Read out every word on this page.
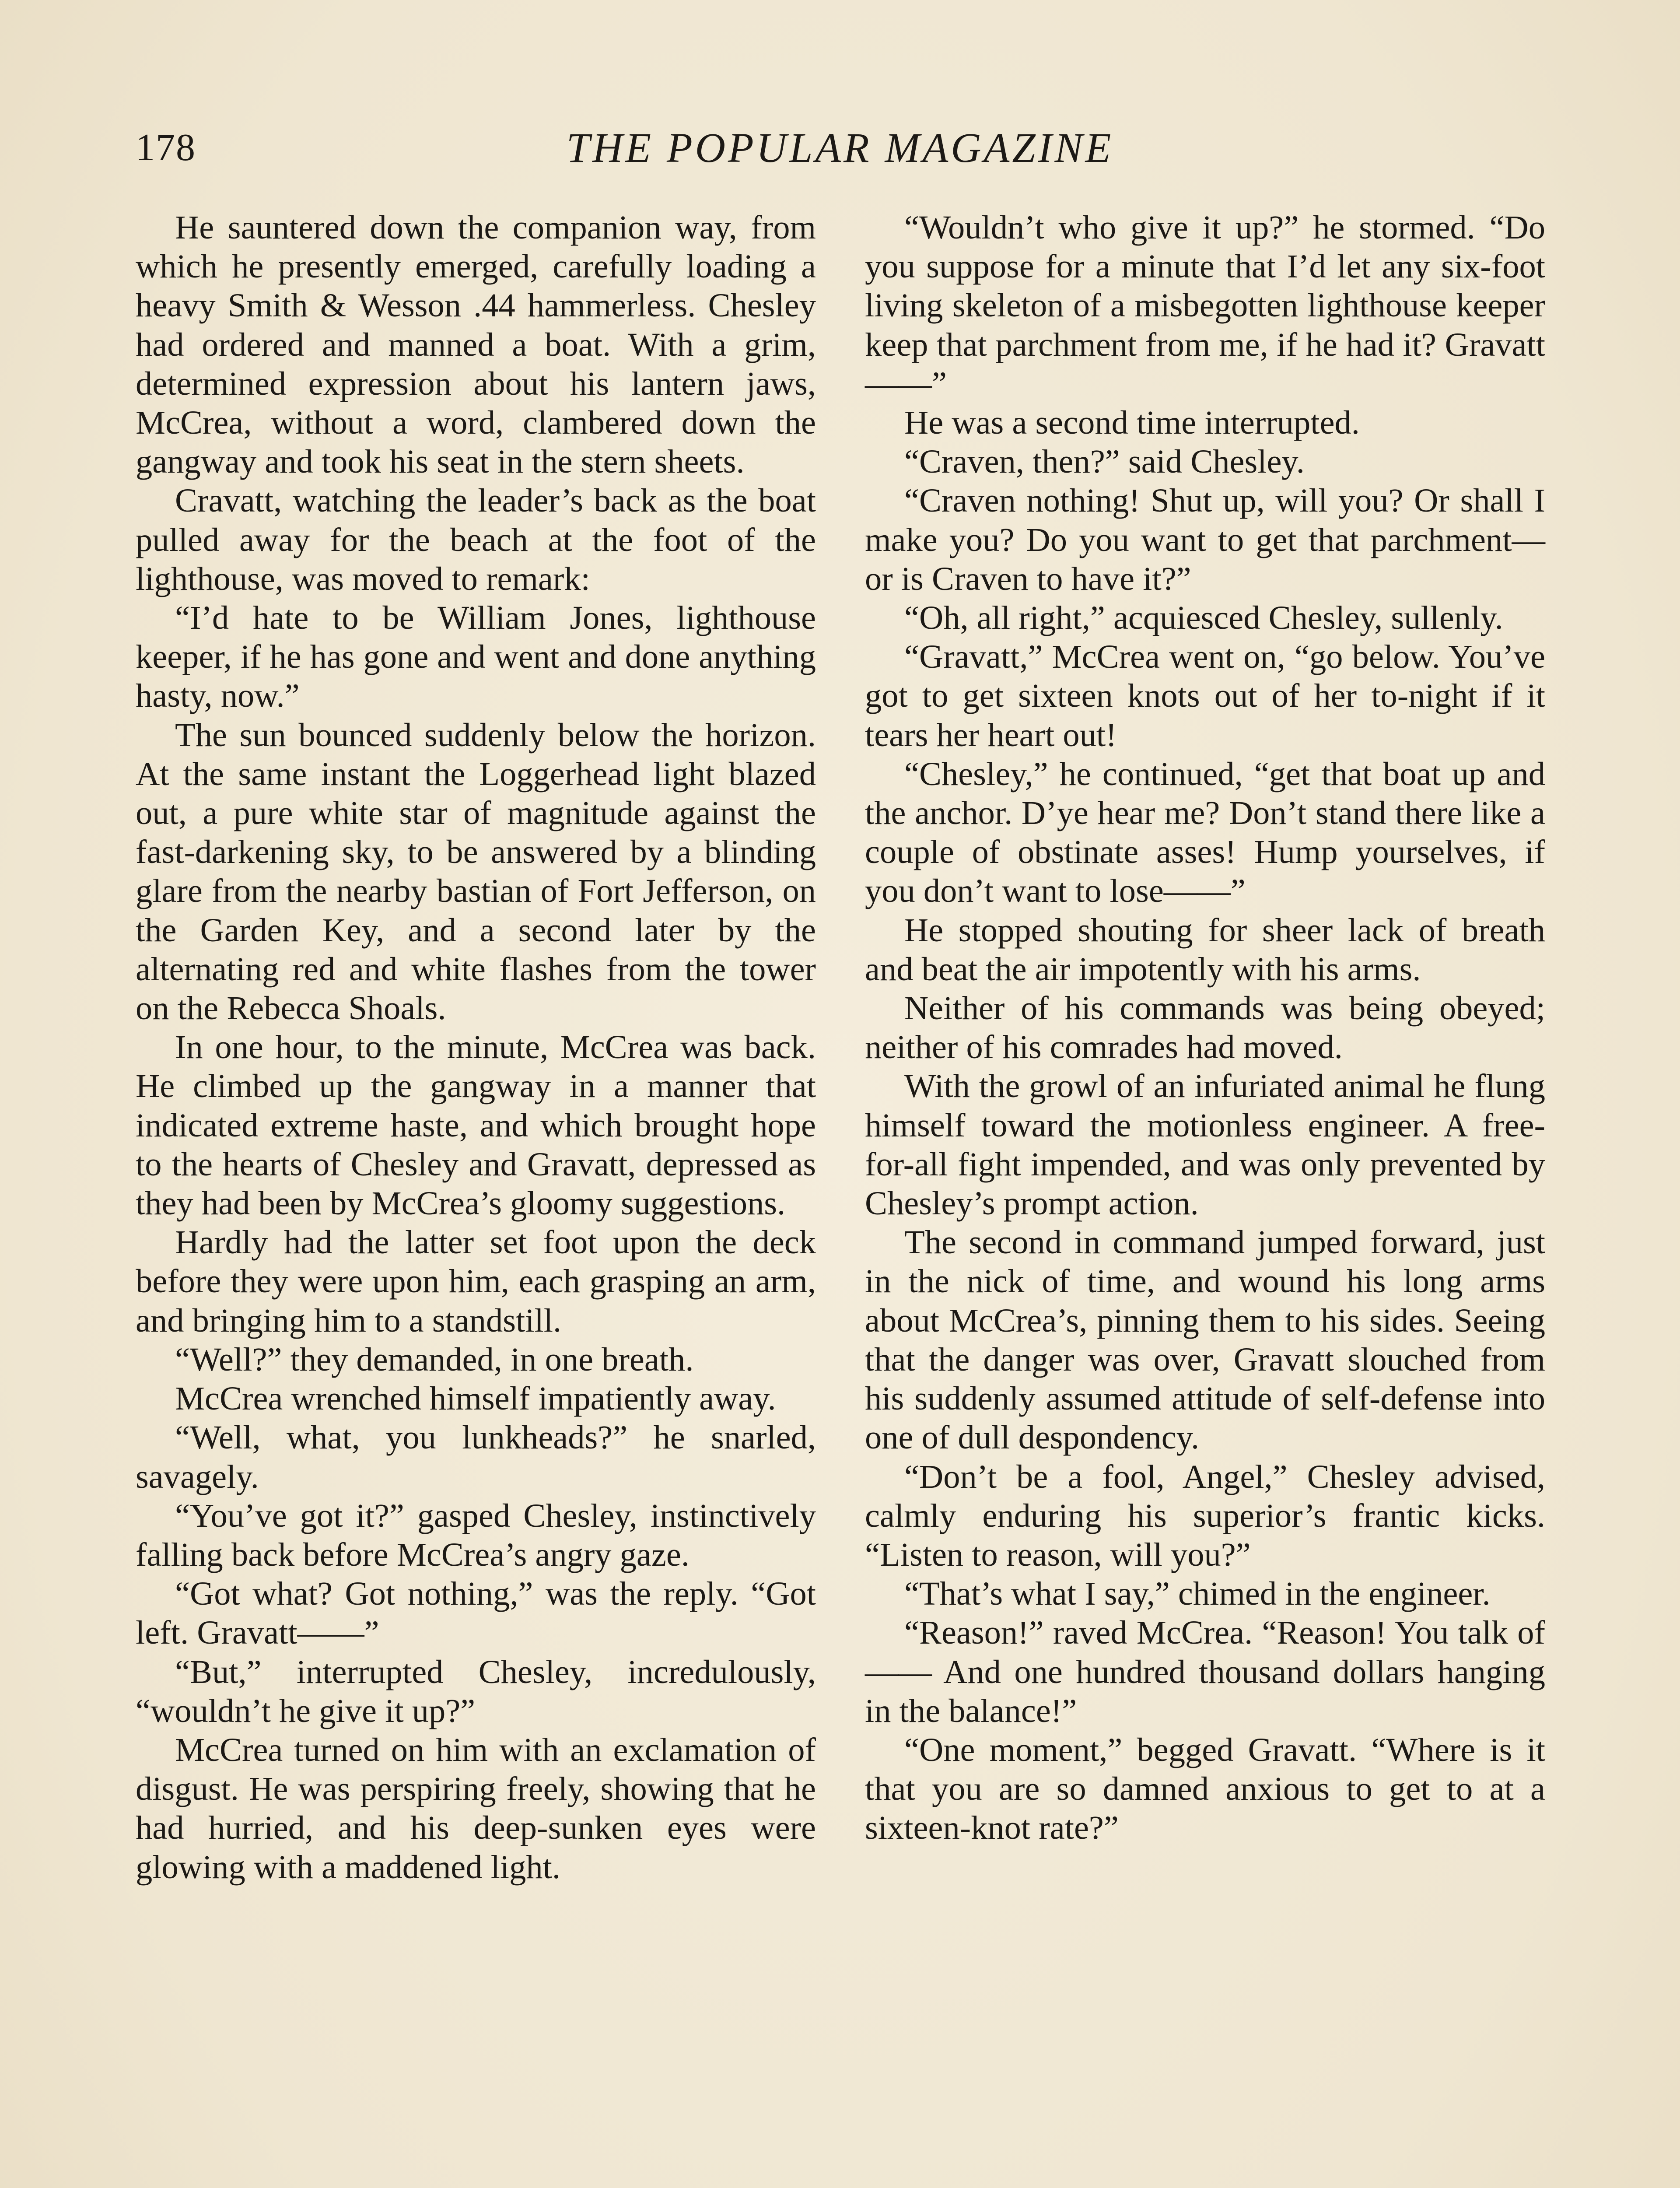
178	THE POPULAR MAGAZINE

He sauntered down the companion way, from which he presently emerged, carefully loading a heavy Smith & Wesson .44 hammerless. Chesley had ordered and manned a boat. With a grim, determined expression about his lantern jaws, McCrea, without a word, clambered down the gangway and took his seat in the stern sheets.

Cravatt, watching the leader’s back as the boat pulled away for the beach at the foot of the lighthouse, was moved to remark:

“I’d hate to be William Jones, lighthouse keeper, if he has gone and went and done anything hasty, now.”

The sun bounced suddenly below the horizon. At the same instant the Loggerhead light blazed out, a pure white star of magnitude against the fast-darkening sky, to be answered by a blinding glare from the nearby bastian of Fort Jefferson, on the Garden Key, and a second later by the alternating red and white flashes from the tower on the Rebecca Shoals.

In one hour, to the minute, McCrea was back. He climbed up the gangway in a manner that indicated extreme haste, and which brought hope to the hearts of Chesley and Gravatt, depressed as they had been by McCrea’s gloomy suggestions.

Hardly had the latter set foot upon the deck before they were upon him, each grasping an arm, and bringing him to a standstill.

“Well?” they demanded, in one breath.

McCrea wrenched himself impatiently away.

“Well, what, you lunkheads?” he snarled, savagely.

“You’ve got it?” gasped Chesley, instinctively falling back before McCrea’s angry gaze.

“Got what? Got nothing,” was the reply. “Got left. Gravatt——”

“But,” interrupted Chesley, incredulously, “wouldn’t he give it up?”

McCrea turned on him with an exclamation of disgust. He was perspiring freely, showing that he had hurried, and his deep-sunken eyes were glowing with a maddened light.

“Wouldn’t who give it up?” he stormed. “Do you suppose for a minute that I’d let any six-foot living skeleton of a misbegotten lighthouse keeper keep that parchment from me, if he had it? Gravatt——”

He was a second time interrupted.

“Craven, then?” said Chesley.

“Craven nothing! Shut up, will you? Or shall I make you? Do you want to get that parchment—or is Craven to have it?”

“Oh, all right,” acquiesced Chesley, sullenly.

“Gravatt,” McCrea went on, “go below. You’ve got to get sixteen knots out of her to-night if it tears her heart out!

“Chesley,” he continued, “get that boat up and the anchor. D’ye hear me? Don’t stand there like a couple of obstinate asses! Hump yourselves, if you don’t want to lose——”

He stopped shouting for sheer lack of breath and beat the air impotently with his arms.

Neither of his commands was being obeyed; neither of his comrades had moved.

With the growl of an infuriated animal he flung himself toward the motionless engineer. A free-for-all fight impended, and was only prevented by Chesley’s prompt action.

The second in command jumped forward, just in the nick of time, and wound his long arms about McCrea’s, pinning them to his sides. Seeing that the danger was over, Gravatt slouched from his suddenly assumed attitude of self-defense into one of dull despondency.

“Don’t be a fool, Angel,” Chesley advised, calmly enduring his superior’s frantic kicks. “Listen to reason, will you?”

“That’s what I say,” chimed in the engineer.

“Reason!” raved McCrea. “Reason! You talk of—— And one hundred thousand dollars hanging in the balance!”

“One moment,” begged Gravatt. “Where is it that you are so damned anxious to get to at a sixteen-knot rate?”
